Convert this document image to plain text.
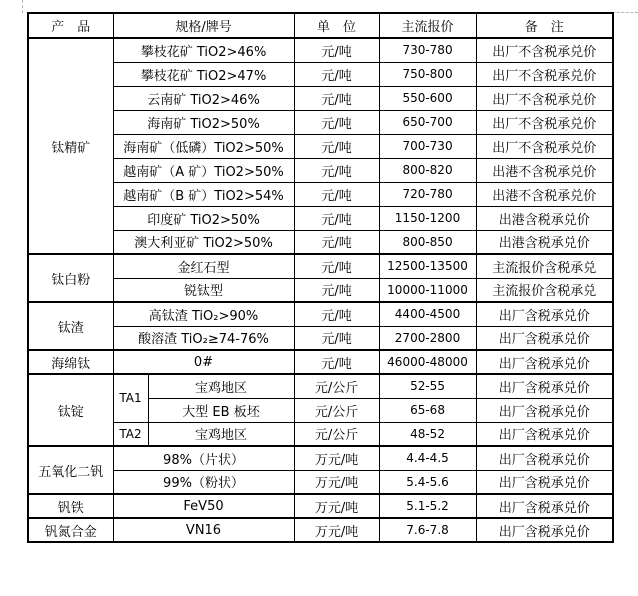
产　品	规格/牌号		单　位	主流报价	备　注
钛精矿	攀枝花矿 TiO2>46%		元/吨	730-780	出厂不含税承兑价
	攀枝花矿 TiO2>47%		元/吨	750-800	出厂不含税承兑价
	云南矿 TiO2>46%		元/吨	550-600	出厂不含税承兑价
	海南矿 TiO2>50%		元/吨	650-700	出厂不含税承兑价
	海南矿（低磷）TiO2>50%		元/吨	700-730	出厂不含税承兑价
	越南矿（A 矿）TiO2>50%		元/吨	800-820	出港不含税承兑价
	越南矿（B 矿）TiO2>54%		元/吨	720-780	出港不含税承兑价
	印度矿 TiO2>50%		元/吨	1150-1200	出港含税承兑价
	澳大利亚矿 TiO2>50%		元/吨	800-850	出港含税承兑价
钛白粉	金红石型		元/吨	12500-13500	主流报价含税承兑
	锐钛型		元/吨	10000-11000	主流报价含税承兑
钛渣	高钛渣 TiO₂>90%		元/吨	4400-4500	出厂含税承兑价
	酸溶渣 TiO₂≥74-76%		元/吨	2700-2800	出厂含税承兑价
海绵钛	0#		元/吨	46000-48000	出厂含税承兑价
钛锭	TA1	宝鸡地区	元/公斤	52-55	出厂含税承兑价
		大型 EB 板坯	元/公斤	65-68	出厂含税承兑价
	TA2	宝鸡地区	元/公斤	48-52	出厂含税承兑价
五氧化二钒	98%（片状）		万元/吨	4.4-4.5	出厂含税承兑价
	99%（粉状）		万元/吨	5.4-5.6	出厂含税承兑价
钒铁	FeV50		万元/吨	5.1-5.2	出厂含税承兑价
钒氮合金	VN16		万元/吨	7.6-7.8	出厂含税承兑价
